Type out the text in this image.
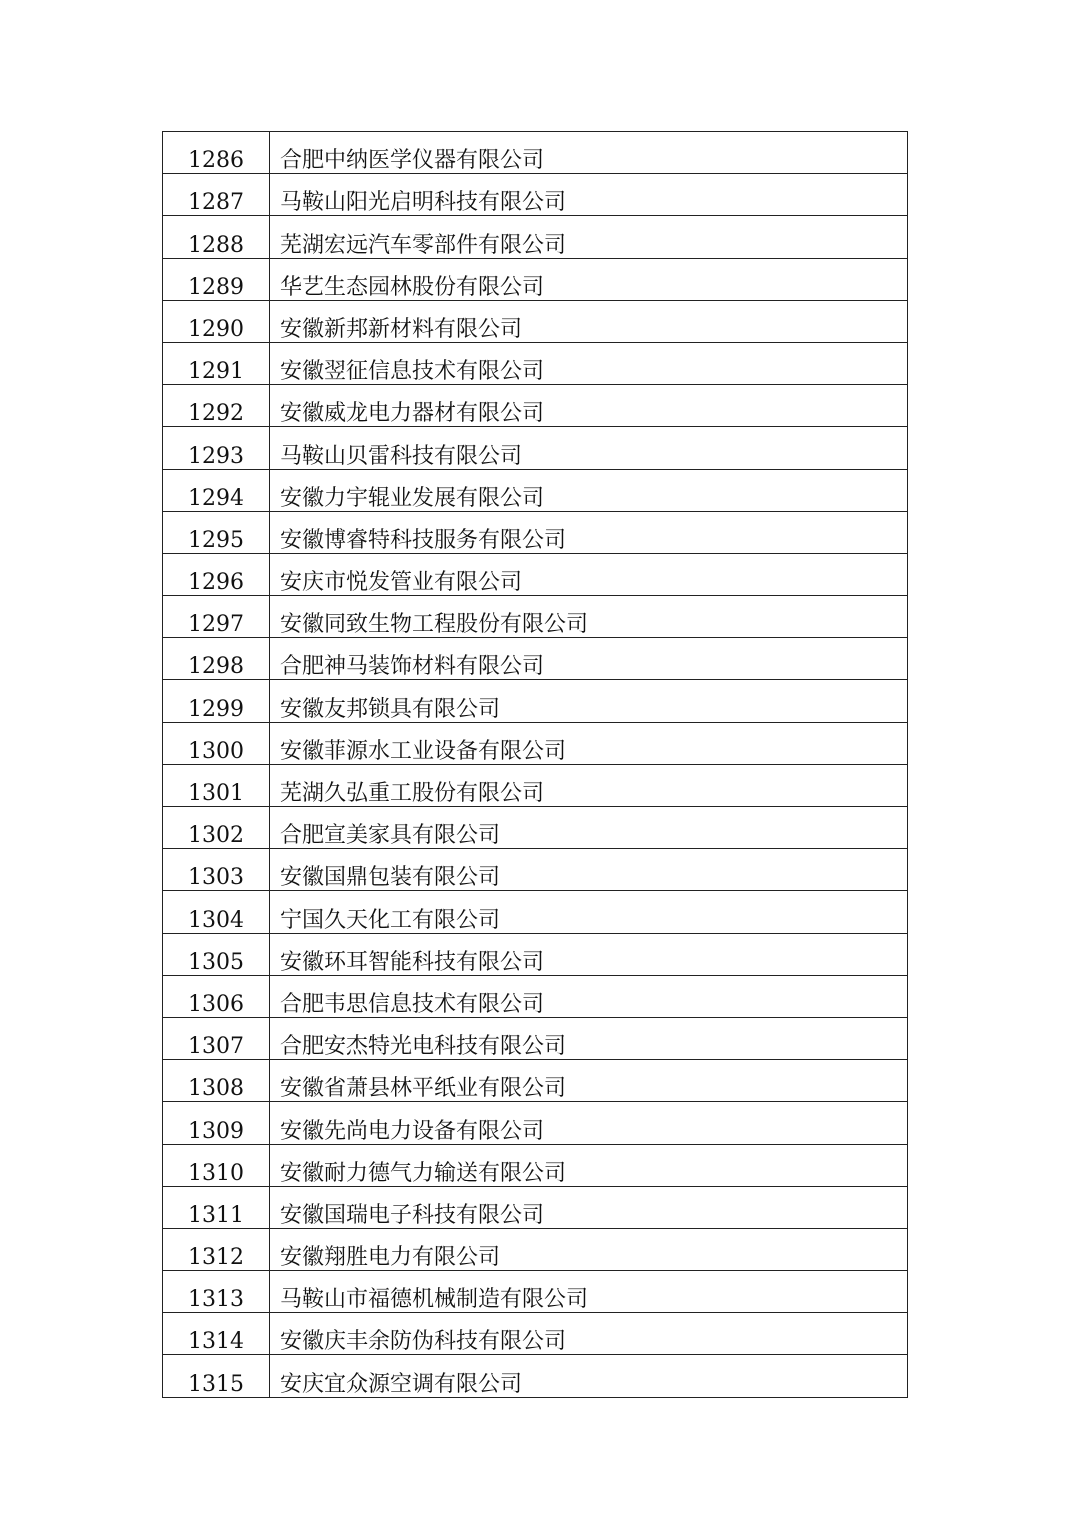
1286	合肥中纳医学仪器有限公司
1287	马鞍山阳光启明科技有限公司
1288	芜湖宏远汽车零部件有限公司
1289	华艺生态园林股份有限公司
1290	安徽新邦新材料有限公司
1291	安徽翌征信息技术有限公司
1292	安徽威龙电力器材有限公司
1293	马鞍山贝雷科技有限公司
1294	安徽力宇辊业发展有限公司
1295	安徽博睿特科技服务有限公司
1296	安庆市悦发管业有限公司
1297	安徽同致生物工程股份有限公司
1298	合肥神马装饰材料有限公司
1299	安徽友邦锁具有限公司
1300	安徽菲源水工业设备有限公司
1301	芜湖久弘重工股份有限公司
1302	合肥宣美家具有限公司
1303	安徽国鼎包装有限公司
1304	宁国久天化工有限公司
1305	安徽环耳智能科技有限公司
1306	合肥韦思信息技术有限公司
1307	合肥安杰特光电科技有限公司
1308	安徽省萧县林平纸业有限公司
1309	安徽先尚电力设备有限公司
1310	安徽耐力德气力输送有限公司
1311	安徽国瑞电子科技有限公司
1312	安徽翔胜电力有限公司
1313	马鞍山市福德机械制造有限公司
1314	安徽庆丰余防伪科技有限公司
1315	安庆宜众源空调有限公司
